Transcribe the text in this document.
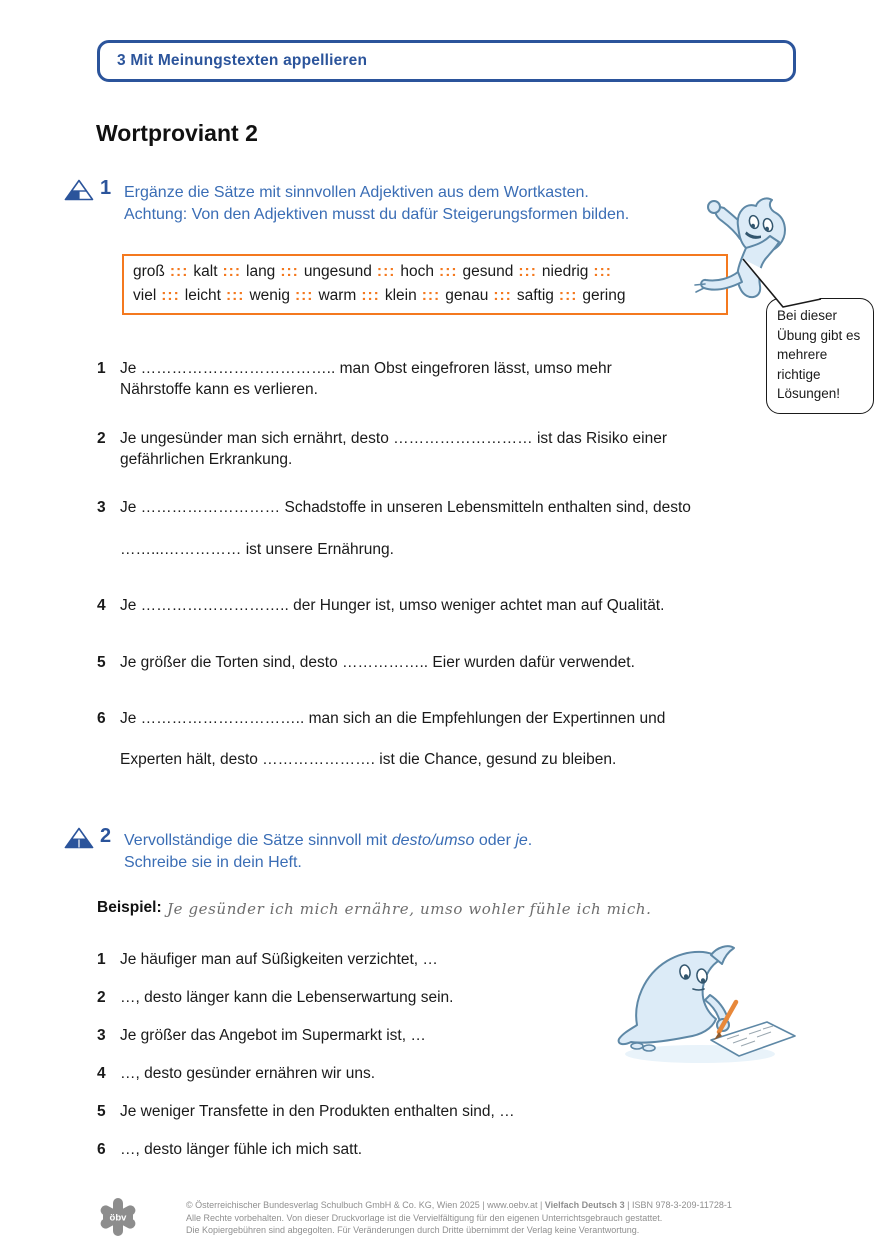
3 Mit Meinungstexten appellieren
Wortproviant 2
1 Ergänze die Sätze mit sinnvollen Adjektiven aus dem Wortkasten.
Achtung: Von den Adjektiven musst du dafür Steigerungsformen bilden.
groß ::: kalt ::: lang ::: ungesund ::: hoch ::: gesund ::: niedrig :::
viel ::: leicht ::: wenig ::: warm ::: klein ::: genau ::: saftig ::: gering
Bei dieser Übung gibt es mehrere richtige Lösungen!
1 Je ……………………………….. man Obst eingefroren lässt, umso mehr
Nährstoffe kann es verlieren.
2 Je ungesünder man sich ernährt, desto ……………………… ist das Risiko einer
gefährlichen Erkrankung.
3 Je ……………………… Schadstoffe in unseren Lebensmitteln enthalten sind, desto
……...…………… ist unsere Ernährung.
4 Je ……………………….. der Hunger ist, umso weniger achtet man auf Qualität.
5 Je größer die Torten sind, desto …………….. Eier wurden dafür verwendet.
6 Je ………………………….. man sich an die Empfehlungen der Expertinnen und
Experten hält, desto …………………. ist die Chance, gesund zu bleiben.
2 Vervollständige die Sätze sinnvoll mit desto/umso oder je.
Schreibe sie in dein Heft.
Beispiel: Je gesünder ich mich ernähre, umso wohler fühle ich mich.
1 Je häufiger man auf Süßigkeiten verzichtet, …
2 …, desto länger kann die Lebenserwartung sein.
3 Je größer das Angebot im Supermarkt ist, …
4 …, desto gesünder ernähren wir uns.
5 Je weniger Transfette in den Produkten enthalten sind, …
6 …, desto länger fühle ich mich satt.
öbv
© Österreichischer Bundesverlag Schulbuch GmbH & Co. KG, Wien 2025 | www.oebv.at | Vielfach Deutsch 3 | ISBN 978-3-209-11728-1
Alle Rechte vorbehalten. Von dieser Druckvorlage ist die Vervielfältigung für den eigenen Unterrichtsgebrauch gestattet.
Die Kopiergebühren sind abgegolten. Für Veränderungen durch Dritte übernimmt der Verlag keine Verantwortung.
